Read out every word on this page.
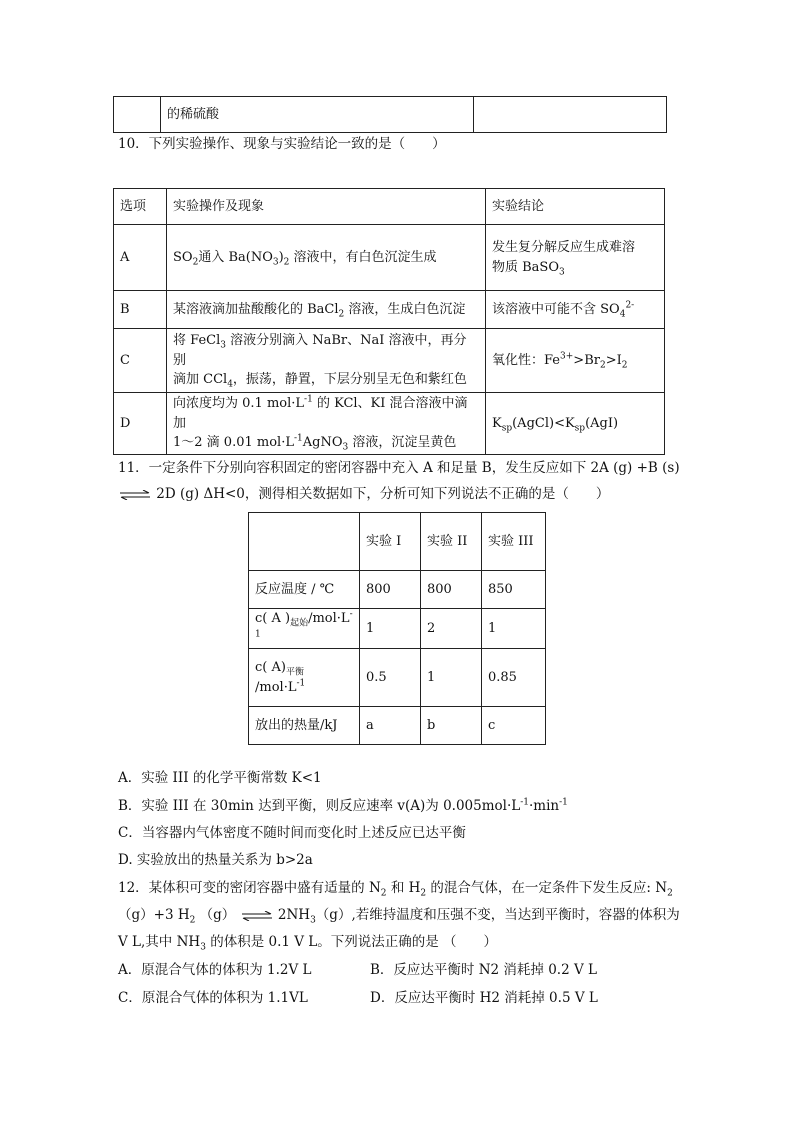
	的稀硫酸	
10．下列实验操作、现象与实验结论一致的是（　　）
选项	实验操作及现象	实验结论
A	$SO_2$通入 $Ba(NO_3)_2$ 溶液中，有白色沉淀生成	发生复分解反应生成难溶
物质 BaSO$_3$
B	某溶液滴加盐酸酸化的 BaCl$_2$ 溶液，生成白色沉淀	该溶液中可能不含 $SO_4^{2-}$
C	将 FeCl$_3$ 溶液分别滴入 NaBr、NaI 溶液中，再分别
滴加 CCl$_4$，振荡，静置，下层分别呈无色和紫红色	氧化性：$Fe^{3+}>Br_2>I_2$
D	向浓度均为 0.1 $mol\cdot L^{-1}$ 的 KCl、KI 混合溶液中滴加
1～2 滴 0.01 $mol\cdot L^{-1}AgNO_3$ 溶液，沉淀呈黄色	$K_{sp}(AgCl)<K_{sp}(AgI)$
11．一定条件下分别向容积固定的密闭容器中充入 A 和足量 B，发生反应如下 2A (g) +B (s)
⇌ 2D (g) ΔH<0，测得相关数据如下，分析可知下列说法不正确的是（　　）
	实验 I	实验 II	实验 III
反应温度 / ℃	800	800	850
c( A )$_{起始}/mol\cdot L^{-1}$	1	2	1
c( $A)_{平衡}$
$/mol\cdot L^{-1}$	0.5	1	0.85
放出的热量/kJ	a	b	c
A．实验 III 的化学平衡常数 K<1
B．实验 III 在 30min 达到平衡，则反应速率 v(A)为 $0.005mol\cdot L^{-1}\cdot\min^{-1}$
C．当容器内气体密度不随时间而变化时上述反应已达平衡
D. 实验放出的热量关系为 b>2a
12．某体积可变的密闭容器中盛有适量的 $N_2$ 和 $H_2$ 的混合气体，在一定条件下发生反应: $N_2$
（g）+3 $H_2$ （g） ⇌ $2NH_3(g)$,若维持温度和压强不变，当达到平衡时，容器的体积为
V L,其中 $NH_3$ 的体积是 0.1 V L。下列说法正确的是 （　　）
A．原混合气体的体积为 1.2V L	B．反应达平衡时 N2 消耗掉 0.2 V L
C．原混合气体的体积为 1.1VL	D．反应达平衡时 H2 消耗掉 0.5 V L
